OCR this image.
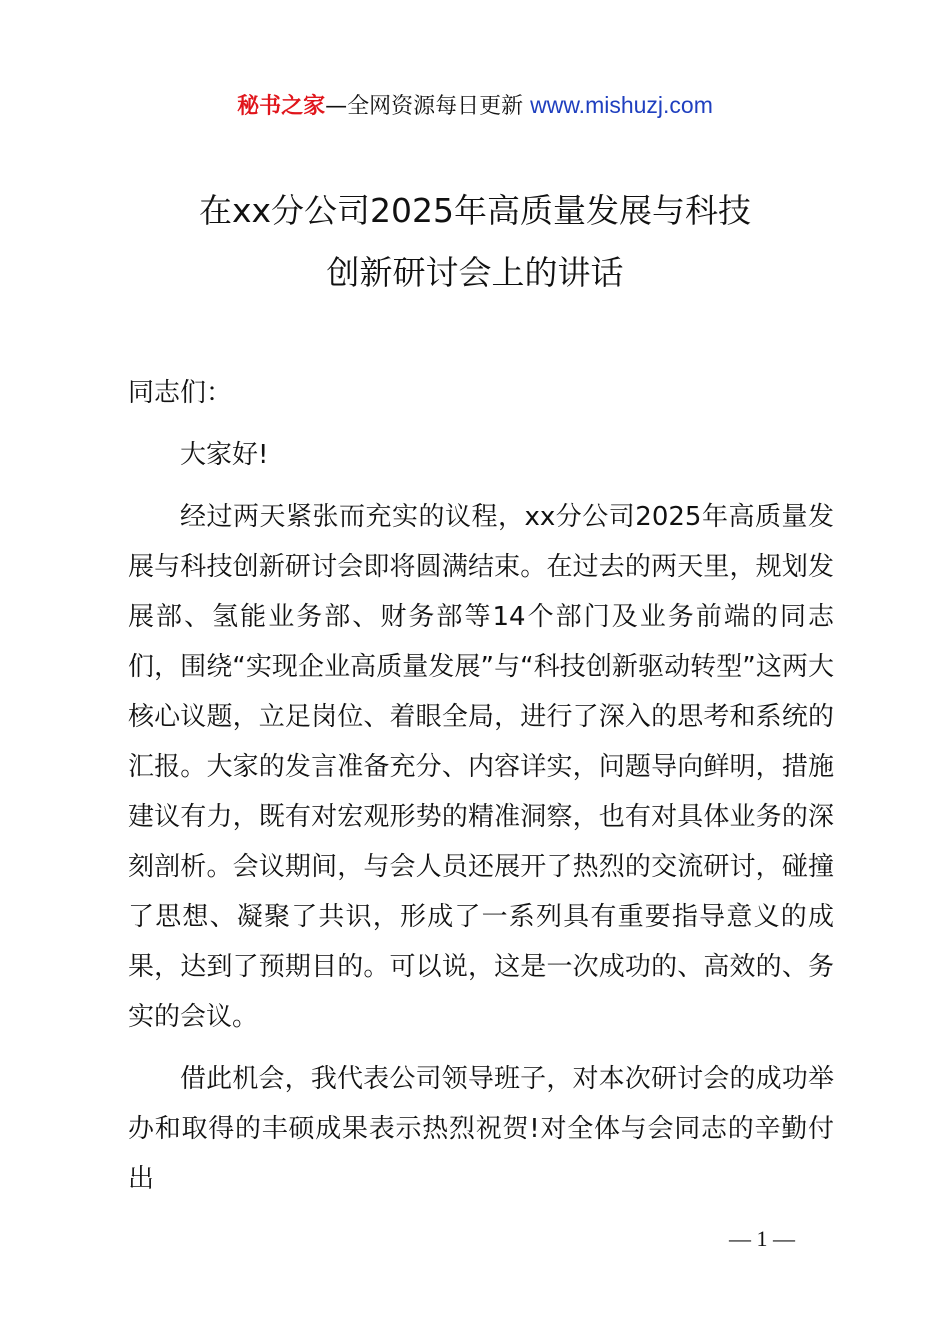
秘书之家—全网资源每日更新 www.mishuzj.com
在xx分公司2025年高质量发展与科技
创新研讨会上的讲话

同志们：

大家好!

经过两天紧张而充实的议程，xx分公司2025年高质量发展与科技创新研讨会即将圆满结束。在过去的两天里，规划发展部、氢能业务部、财务部等14个部门及业务前端的同志们，围绕“实现企业高质量发展”与“科技创新驱动转型”这两大核心议题，立足岗位、着眼全局，进行了深入的思考和系统的汇报。大家的发言准备充分、内容详实，问题导向鲜明，措施建议有力，既有对宏观形势的精准洞察，也有对具体业务的深刻剖析。会议期间，与会人员还展开了热烈的交流研讨，碰撞了思想、凝聚了共识，形成了一系列具有重要指导意义的成果，达到了预期目的。可以说，这是一次成功的、高效的、务实的会议。

借此机会，我代表公司领导班子，对本次研讨会的成功举办和取得的丰硕成果表示热烈祝贺!对全体与会同志的辛勤付出

— 1 —
